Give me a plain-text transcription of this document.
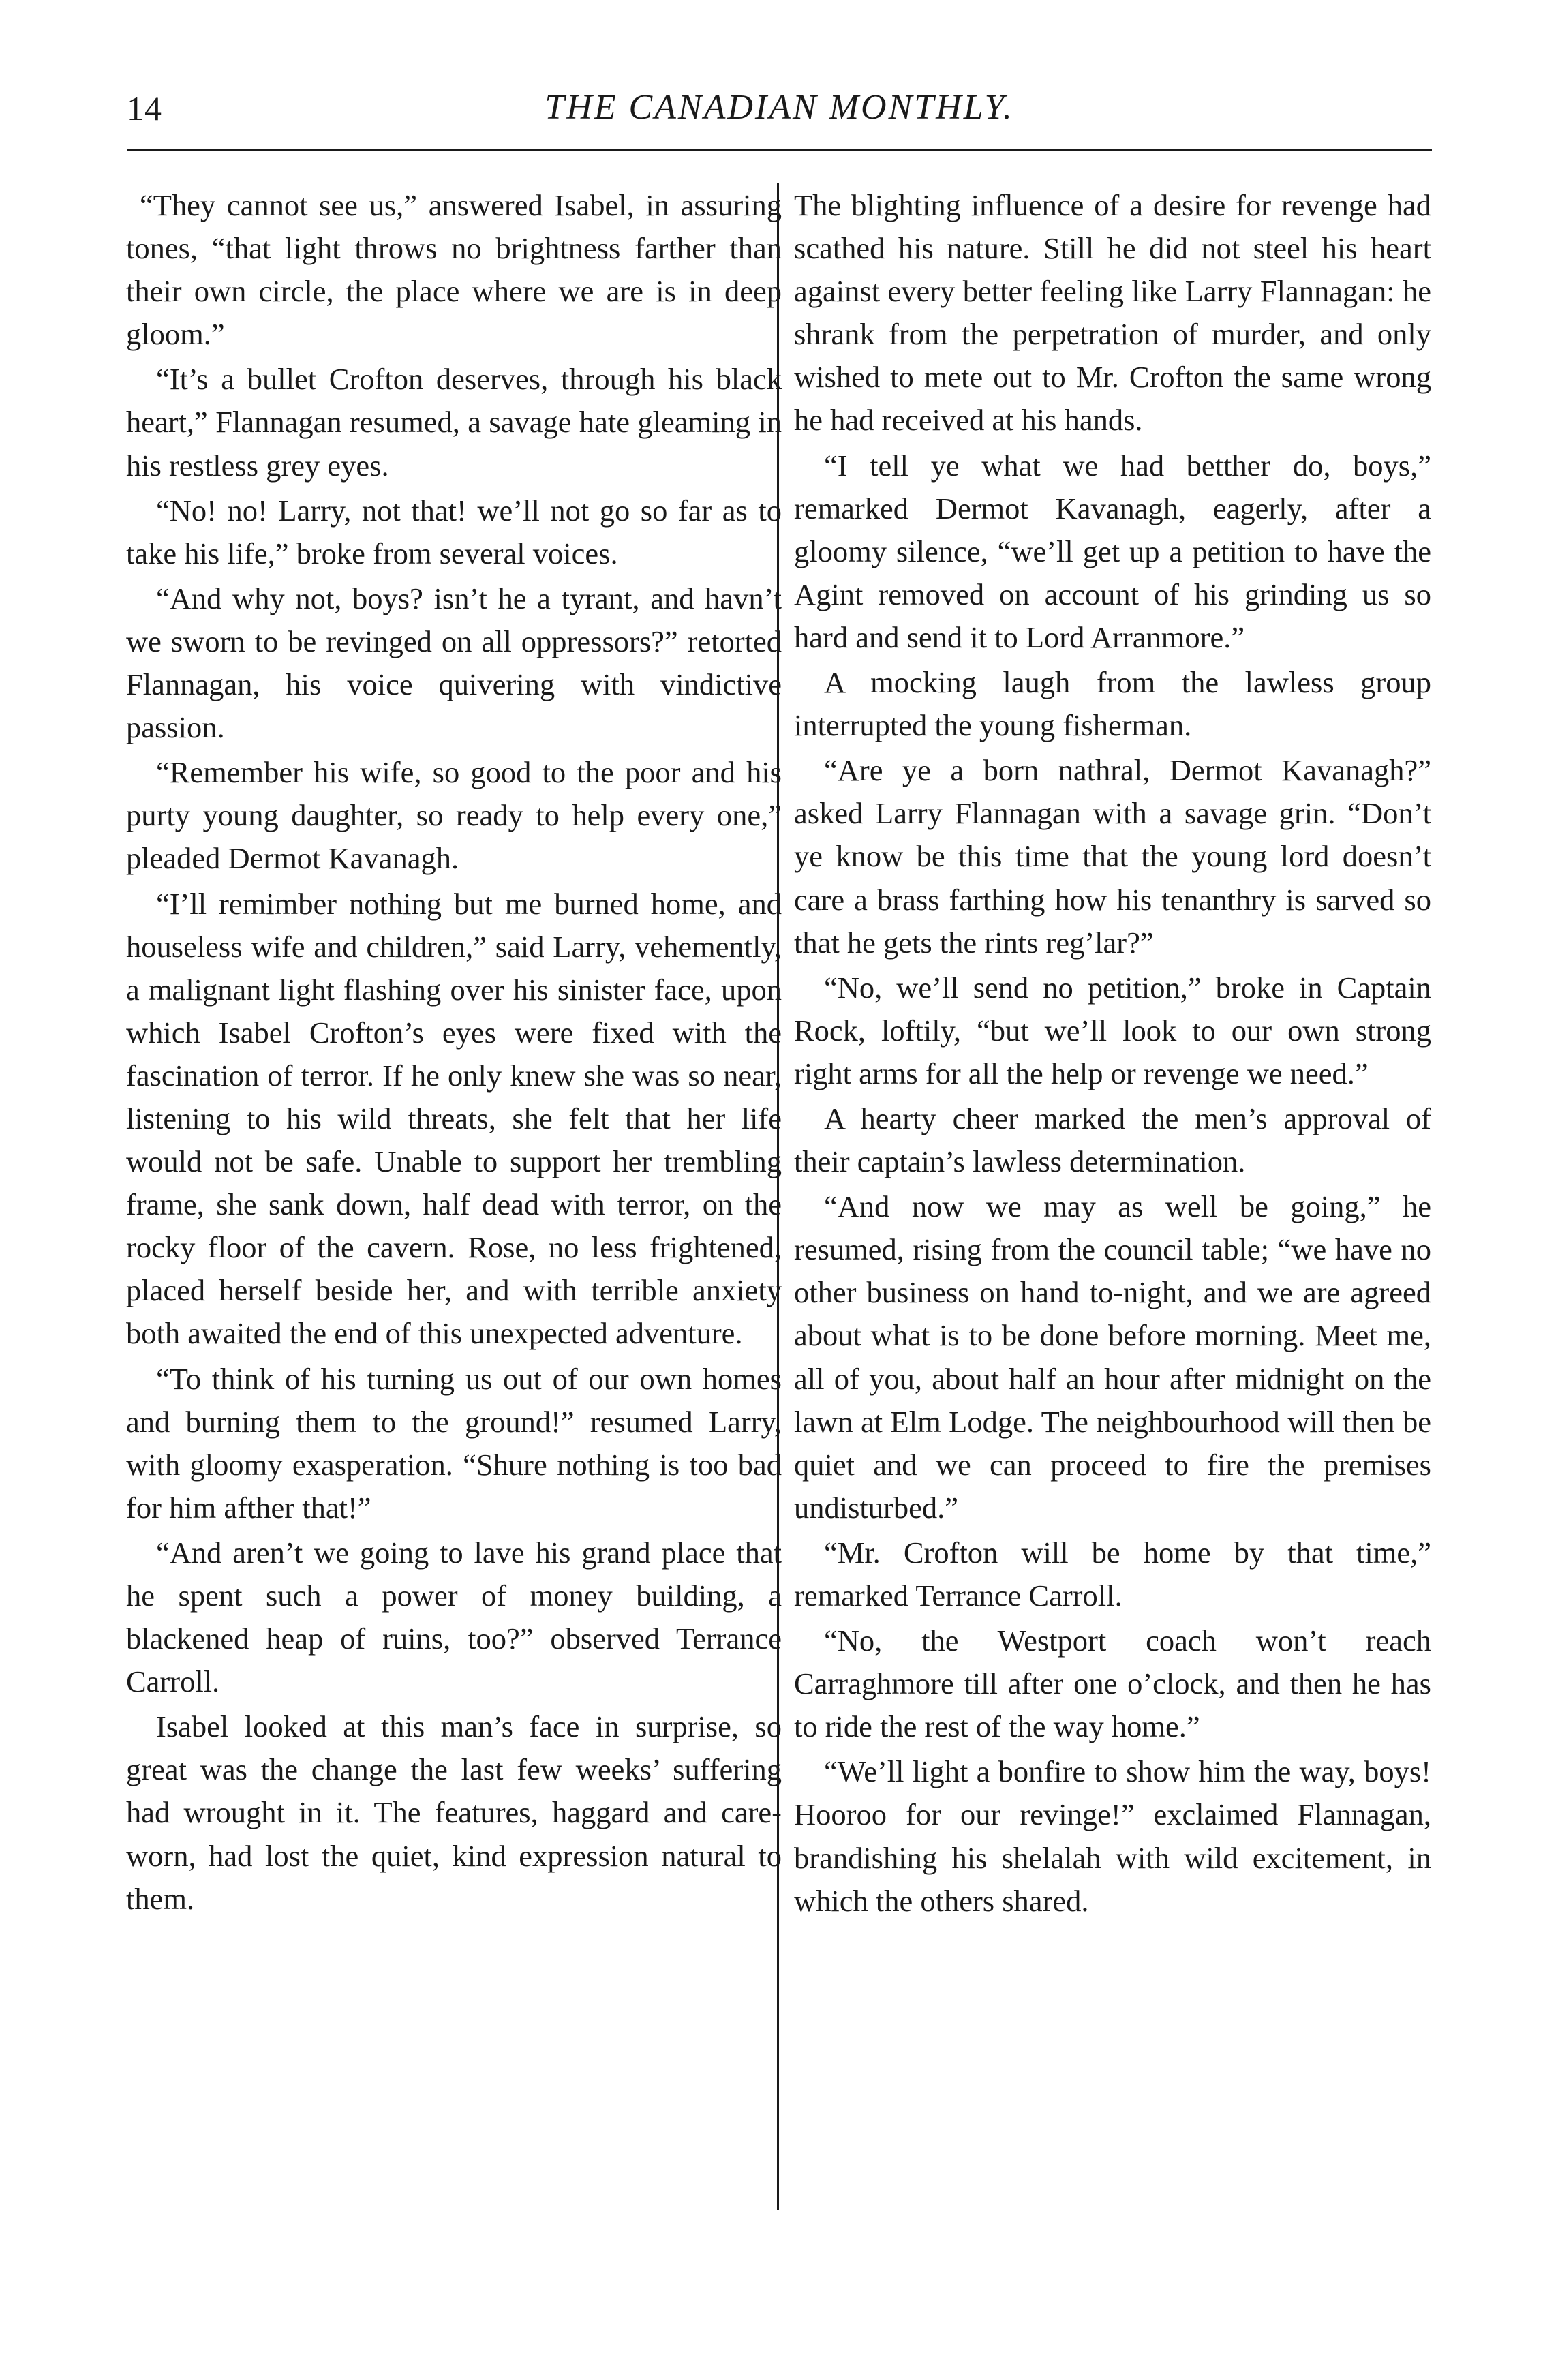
14	THE CANADIAN MONTHLY.

“They cannot see us,” answered Isabel, in assuring tones, “that light throws no brightness farther than their own circle, the place where we are is in deep gloom.”

“It’s a bullet Crofton deserves, through his black heart,” Flannagan resumed, a savage hate gleaming in his restless grey eyes.

“No! no! Larry, not that! we’ll not go so far as to take his life,” broke from several voices.

“And why not, boys? isn’t he a tyrant, and havn’t we sworn to be revinged on all oppressors?” retorted Flannagan, his voice quivering with vindictive passion.

“Remember his wife, so good to the poor and his purty young daughter, so ready to help every one,” pleaded Dermot Kavanagh.

“I’ll remimber nothing but me burned home, and houseless wife and children,” said Larry, vehemently, a malignant light flashing over his sinister face, upon which Isabel Crofton’s eyes were fixed with the fascination of terror. If he only knew she was so near, listening to his wild threats, she felt that her life would not be safe. Unable to support her trembling frame, she sank down, half dead with terror, on the rocky floor of the cavern. Rose, no less frightened, placed herself beside her, and with terrible anxiety both awaited the end of this unexpected adventure.

“To think of his turning us out of our own homes and burning them to the ground!” resumed Larry, with gloomy exasperation. “Shure nothing is too bad for him afther that!”

“And aren’t we going to lave his grand place that he spent such a power of money building, a blackened heap of ruins, too?” observed Terrance Carroll.

Isabel looked at this man’s face in surprise, so great was the change the last few weeks’ suffering had wrought in it. The features, haggard and care-worn, had lost the quiet, kind expression natural to them.

The blighting influence of a desire for revenge had scathed his nature. Still he did not steel his heart against every better feeling like Larry Flannagan: he shrank from the perpetration of murder, and only wished to mete out to Mr. Crofton the same wrong he had received at his hands.

“I tell ye what we had betther do, boys,” remarked Dermot Kavanagh, eagerly, after a gloomy silence, “we’ll get up a petition to have the Agint removed on account of his grinding us so hard and send it to Lord Arranmore.”

A mocking laugh from the lawless group interrupted the young fisherman.

“Are ye a born nathral, Dermot Kavanagh?” asked Larry Flannagan with a savage grin. “Don’t ye know be this time that the young lord doesn’t care a brass farthing how his tenanthry is sarved so that he gets the rints reg’lar?”

“No, we’ll send no petition,” broke in Captain Rock, loftily, “but we’ll look to our own strong right arms for all the help or revenge we need.”

A hearty cheer marked the men’s approval of their captain’s lawless determination.

“And now we may as well be going,” he resumed, rising from the council table; “we have no other business on hand to-night, and we are agreed about what is to be done before morning. Meet me, all of you, about half an hour after midnight on the lawn at Elm Lodge. The neighbourhood will then be quiet and we can proceed to fire the premises undisturbed.”

“Mr. Crofton will be home by that time,” remarked Terrance Carroll.

“No, the Westport coach won’t reach Carraghmore till after one o’clock, and then he has to ride the rest of the way home.”

“We’ll light a bonfire to show him the way, boys! Hooroo for our revinge!” exclaimed Flannagan, brandishing his shelalah with wild excitement, in which the others shared.
